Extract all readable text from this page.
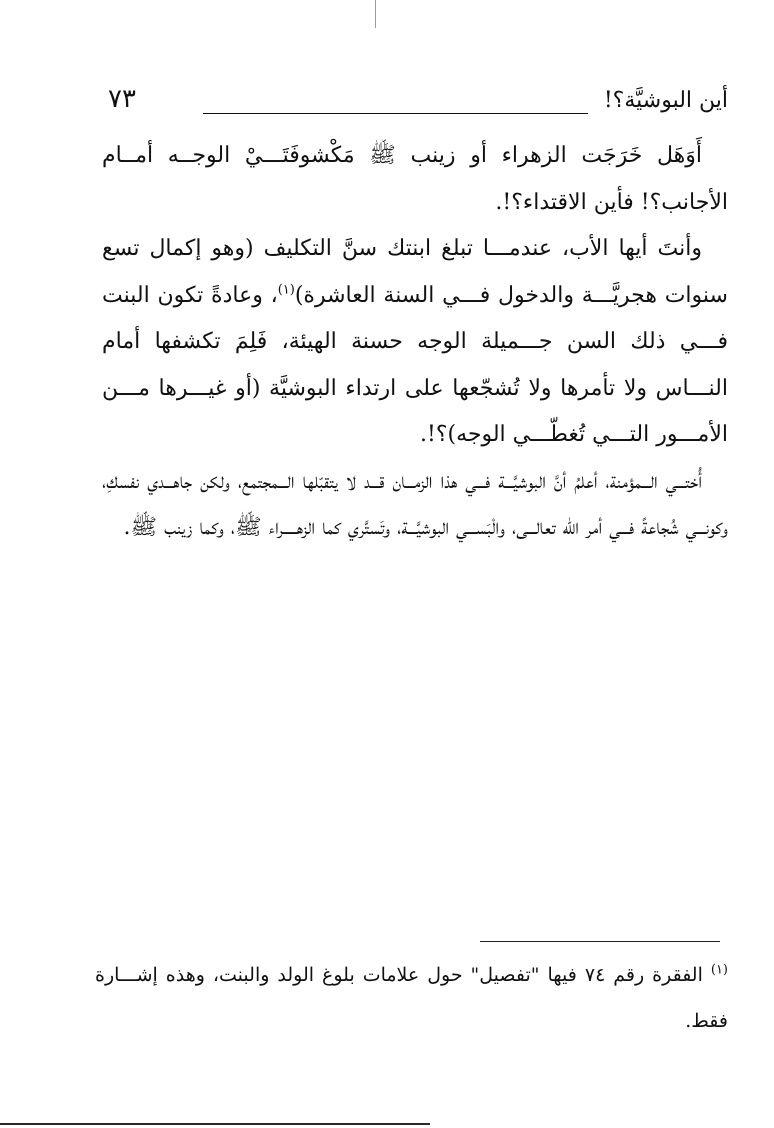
أين البوشيَّة؟!
٧٣

أَوَهَل خَرَجَت الزهراء أو زينب ﷺ مَكْشوفَتَـــيْ الوجــه أمــام الأجانب؟! فأين الاقتداء؟!.

وأنتَ أيها الأب، عندمـــا تبلغ ابنتك سنَّ التكليف (وهو إكمال تسع سنوات هجريَّـــة والدخول فـــي السنة العاشرة)$^{(١)}$، وعادةً تكون البنت فـــي ذلك السن جـــميلة الوجه حسنة الهيئة، فَلِمَ تكشفها أمام النـــاس ولا تأمرها ولا تُشجّعها على ارتداء البوشيَّة (أو غيـــرها مـــن الأمـــور التـــي تُغطّـــي الوجه)؟!.

أُختـــي الـــمؤمنة، أعلمُ أنَّ البوشيَّـــة فـــي هذا الزمـــان قـــد لا يتقبّلها الـــمجتمع، ولكن جاهـــدي نفسكِ، وكونـــي شُجاعةً فـــي أمر الله تعالـــى، والْبَســـي البوشيَّـــة، وتَستَّري كما الزهـــــراء ﷺ، وكما زينب ﷺ.

$^{(١)}$ الفقرة رقم ٧٤ فيها "تفصيل" حول علامات بلوغ الولد والبنت، وهذه إشـــارة فقط.
